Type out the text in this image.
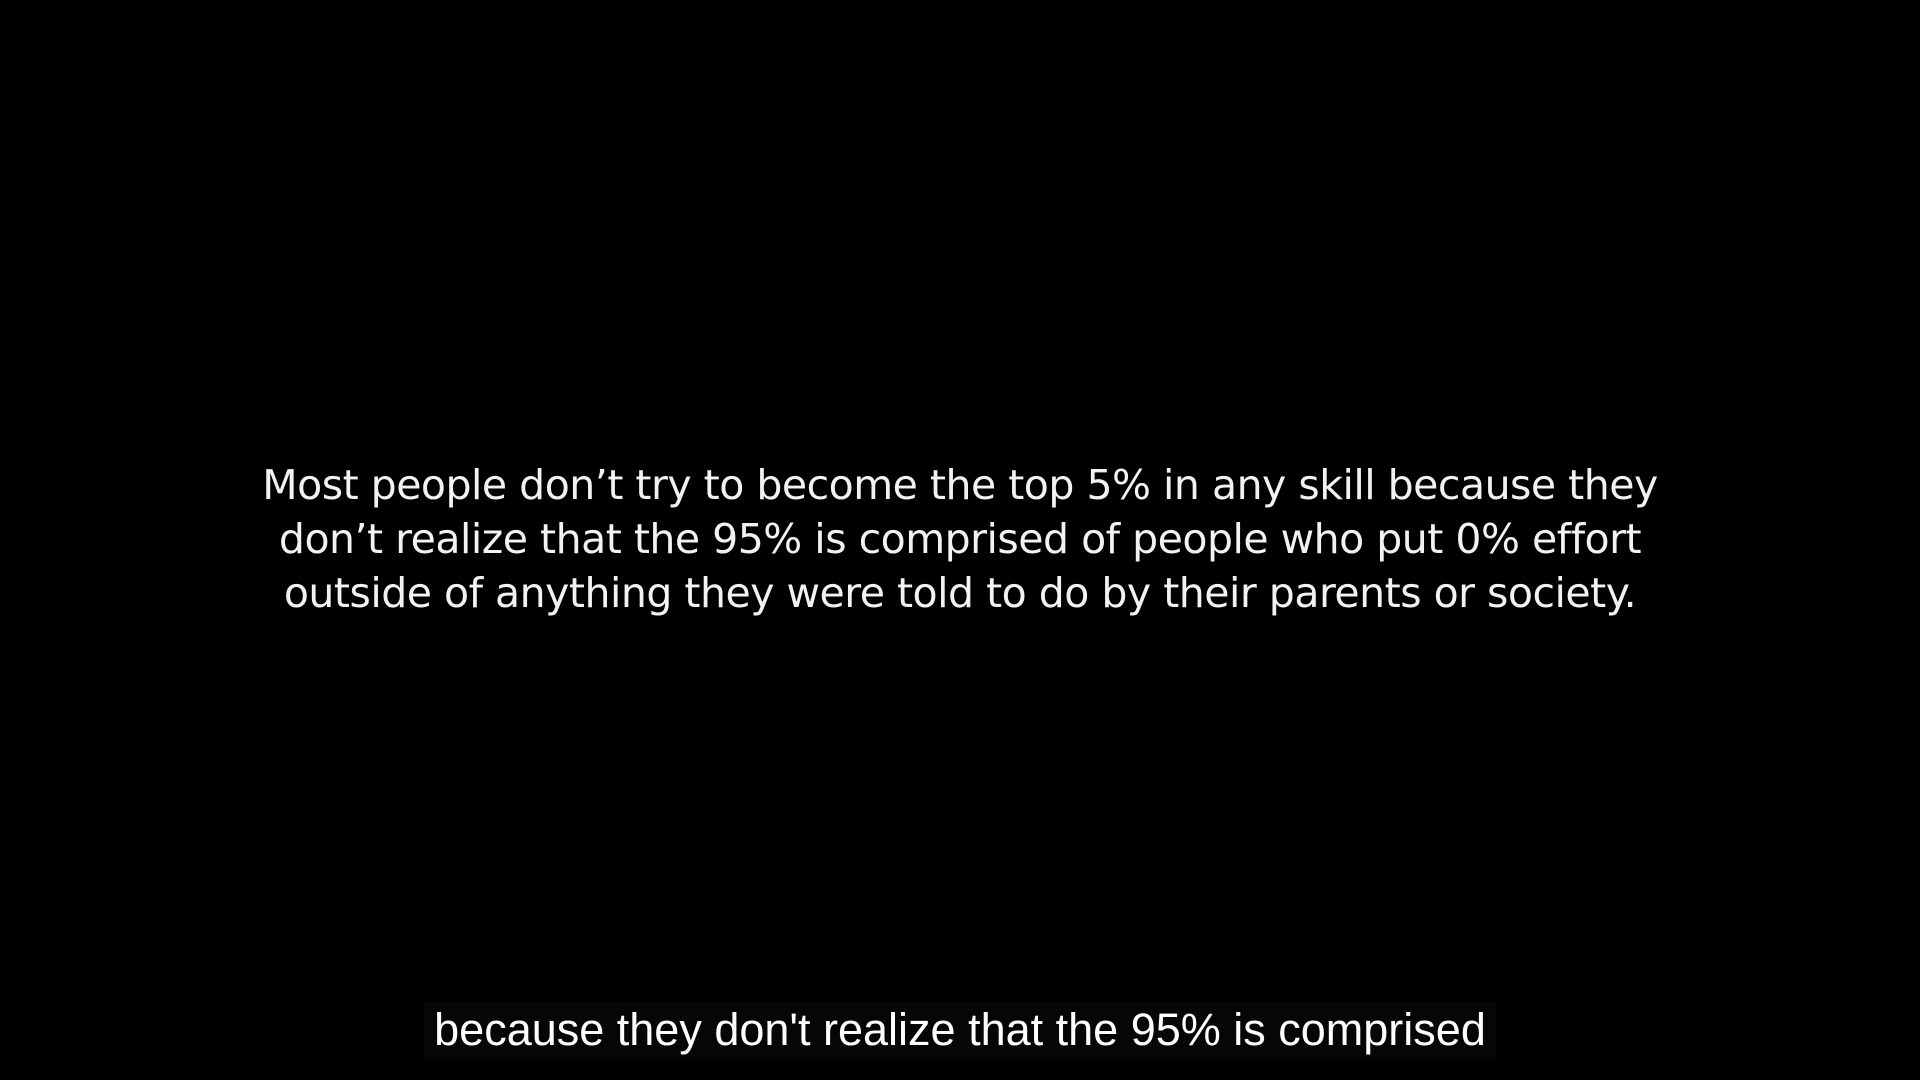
Most people don’t try to become the top 5% in any skill because they
don’t realize that the 95% is comprised of people who put 0% effort
outside of anything they were told to do by their parents or society.
because they don't realize that the 95% is comprised
